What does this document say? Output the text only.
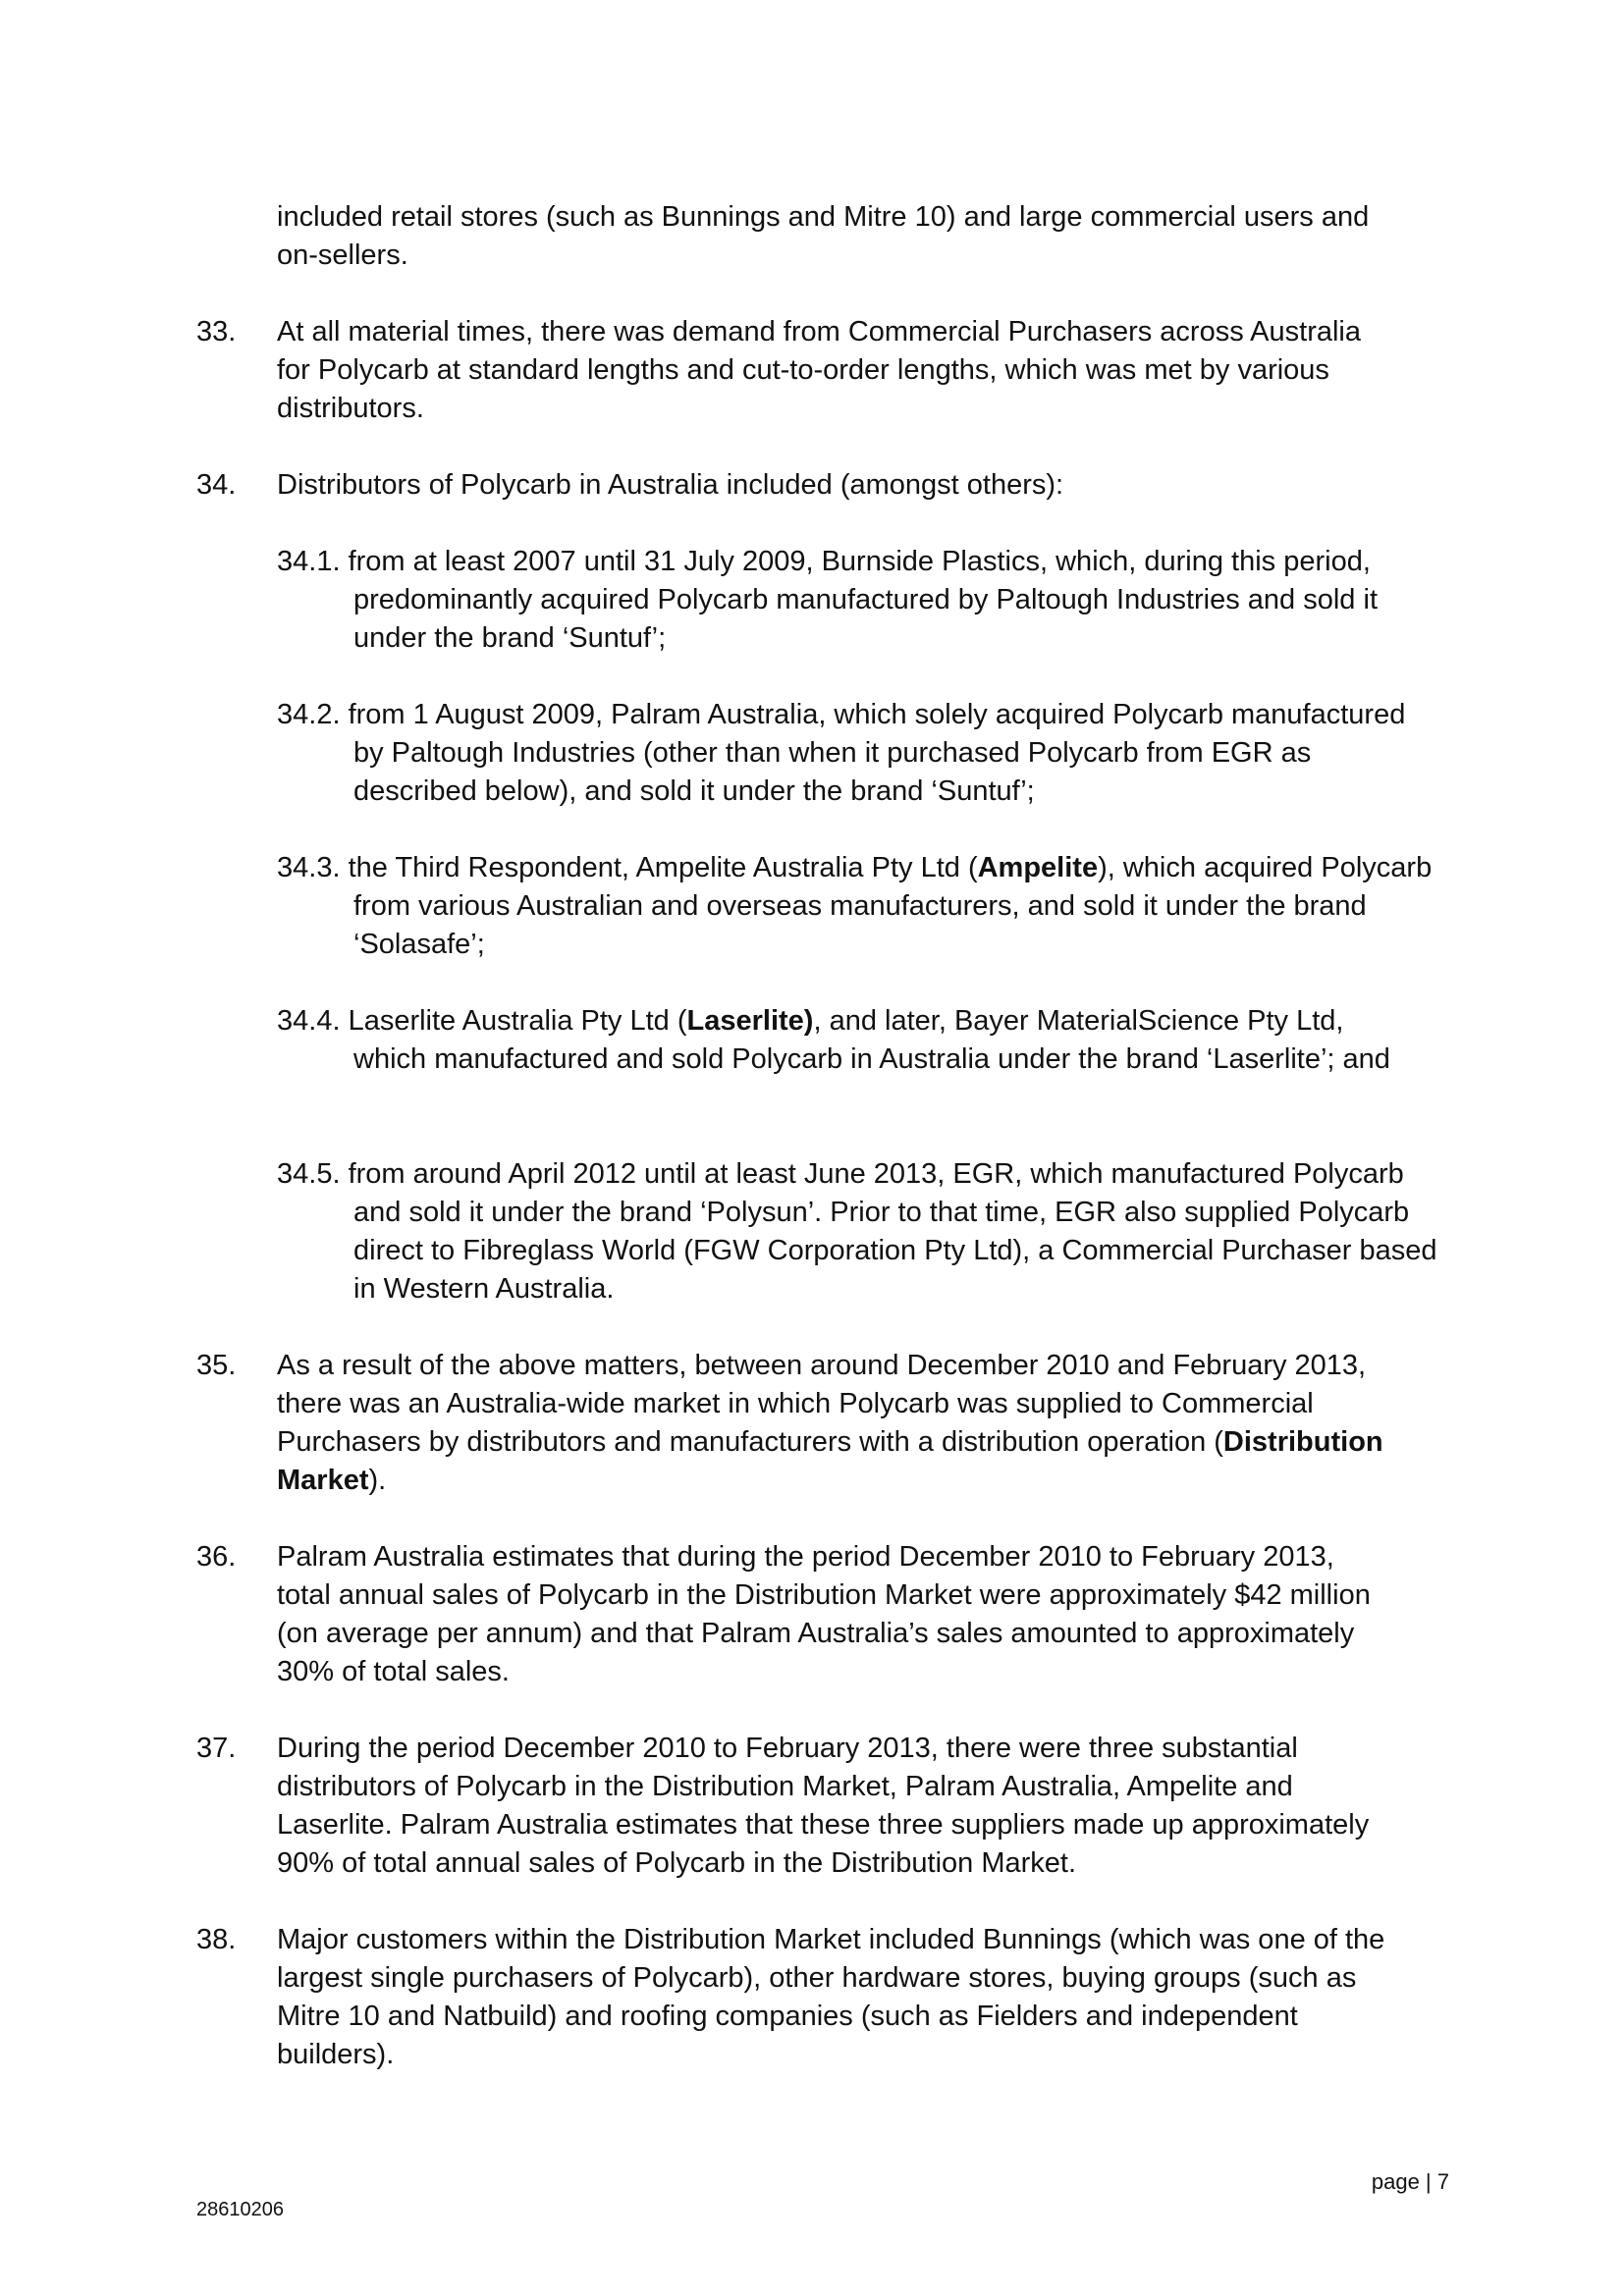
included retail stores (such as Bunnings and Mitre 10) and large commercial users and on-sellers.

33. At all material times, there was demand from Commercial Purchasers across Australia for Polycarb at standard lengths and cut-to-order lengths, which was met by various distributors.

34. Distributors of Polycarb in Australia included (amongst others):

34.1. from at least 2007 until 31 July 2009, Burnside Plastics, which, during this period, predominantly acquired Polycarb manufactured by Paltough Industries and sold it under the brand ‘Suntuf’;

34.2. from 1 August 2009, Palram Australia, which solely acquired Polycarb manufactured by Paltough Industries (other than when it purchased Polycarb from EGR as described below), and sold it under the brand ‘Suntuf’;

34.3. the Third Respondent, Ampelite Australia Pty Ltd (Ampelite), which acquired Polycarb from various Australian and overseas manufacturers, and sold it under the brand ‘Solasafe’;

34.4. Laserlite Australia Pty Ltd (Laserlite), and later, Bayer MaterialScience Pty Ltd, which manufactured and sold Polycarb in Australia under the brand ‘Laserlite’; and

34.5. from around April 2012 until at least June 2013, EGR, which manufactured Polycarb and sold it under the brand ‘Polysun’. Prior to that time, EGR also supplied Polycarb direct to Fibreglass World (FGW Corporation Pty Ltd), a Commercial Purchaser based in Western Australia.

35. As a result of the above matters, between around December 2010 and February 2013, there was an Australia-wide market in which Polycarb was supplied to Commercial Purchasers by distributors and manufacturers with a distribution operation (Distribution Market).

36. Palram Australia estimates that during the period December 2010 to February 2013, total annual sales of Polycarb in the Distribution Market were approximately $42 million (on average per annum) and that Palram Australia’s sales amounted to approximately 30% of total sales.

37. During the period December 2010 to February 2013, there were three substantial distributors of Polycarb in the Distribution Market, Palram Australia, Ampelite and Laserlite. Palram Australia estimates that these three suppliers made up approximately 90% of total annual sales of Polycarb in the Distribution Market.

38. Major customers within the Distribution Market included Bunnings (which was one of the largest single purchasers of Polycarb), other hardware stores, buying groups (such as Mitre 10 and Natbuild) and roofing companies (such as Fielders and independent builders).

page | 7
28610206
